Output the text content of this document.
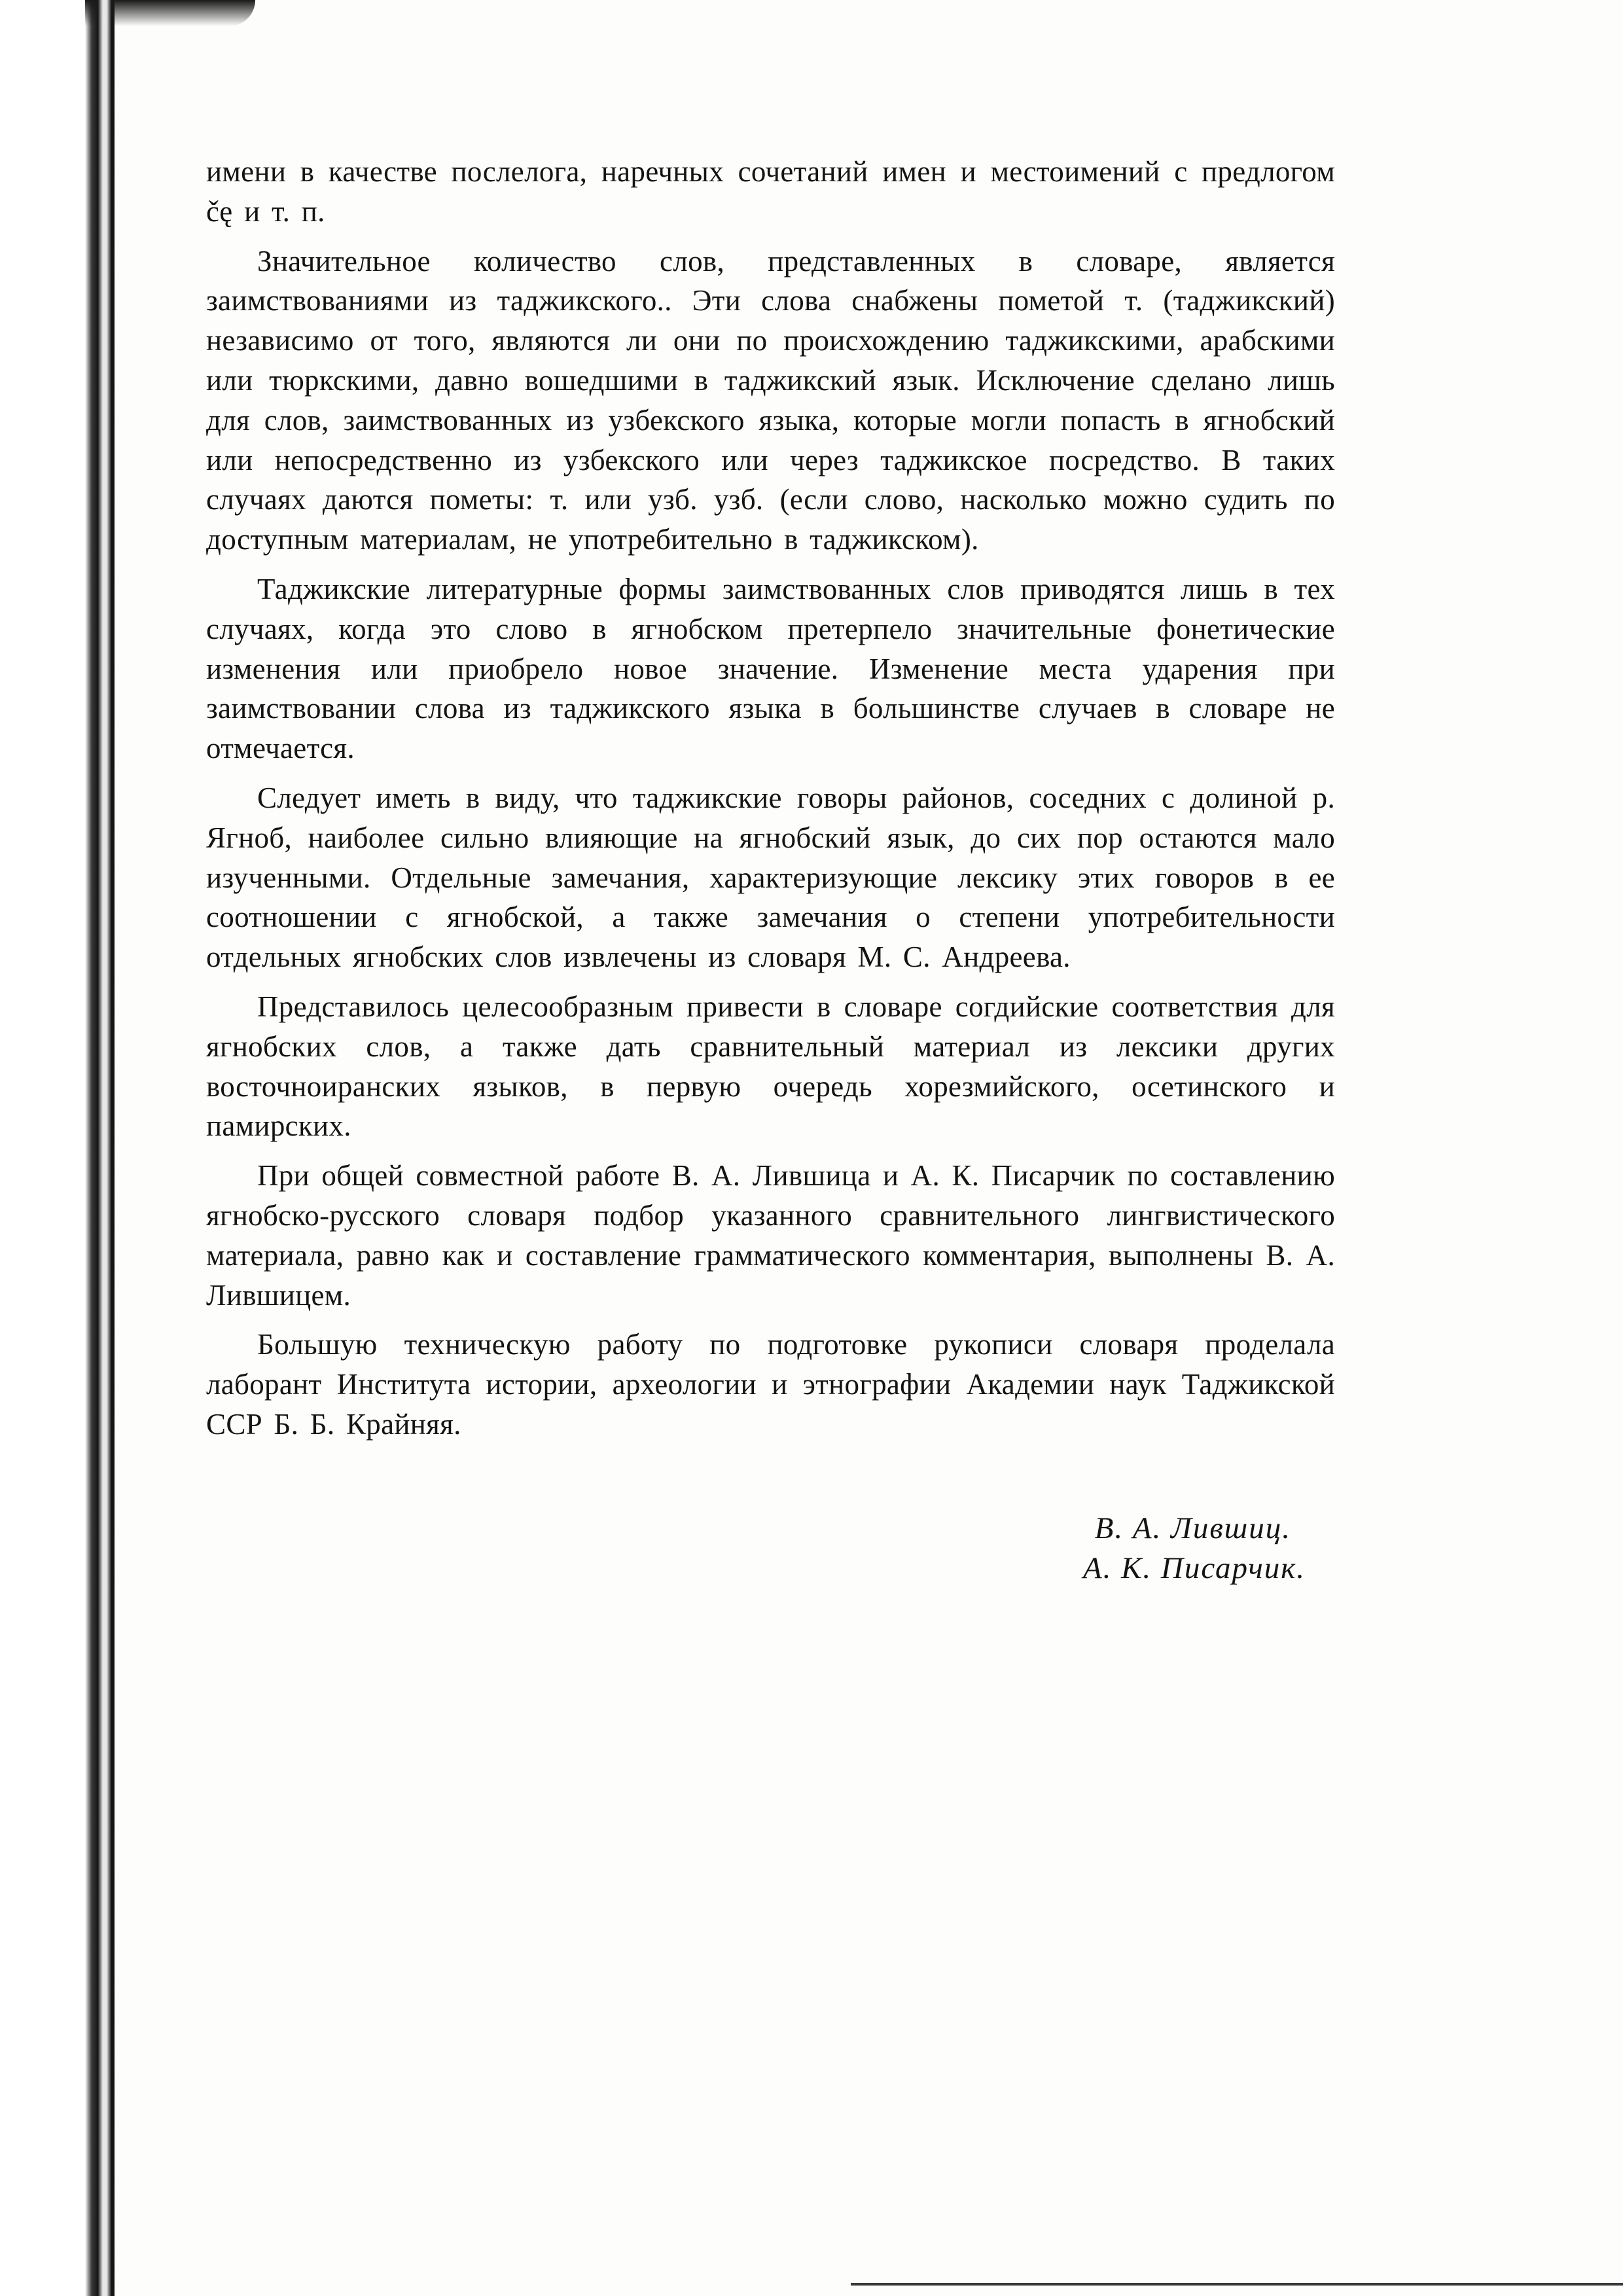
имени в качестве послелога, наречных сочетаний имен и местоимений с предлогом čę и т. п.

Значительное количество слов, представленных в словаре, является заимствованиями из таджикского.. Эти слова снабжены пометой т. (таджикский) независимо от того, являются ли они по происхождению таджикскими, арабскими или тюркскими, давно вошедшими в таджикский язык. Исключение сделано лишь для слов, заимствованных из узбекского языка, которые могли попасть в ягнобский или непосредственно из узбекского или через таджикское посредство. В таких случаях даются пометы: т. или узб. узб. (если слово, насколько можно судить по доступным материалам, не употребительно в таджикском).

Таджикские литературные формы заимствованных слов приводятся лишь в тех случаях, когда это слово в ягнобском претерпело значительные фонетические изменения или приобрело новое значение. Изменение места ударения при заимствовании слова из таджикского языка в большинстве случаев в словаре не отмечается.

Следует иметь в виду, что таджикские говоры районов, соседних с долиной р. Ягноб, наиболее сильно влияющие на ягнобский язык, до сих пор остаются мало изученными. Отдельные замечания, характеризующие лексику этих говоров в ее соотношении с ягнобской, а также замечания о степени употребительности отдельных ягнобских слов извлечены из словаря М. С. Андреева.

Представилось целесообразным привести в словаре согдийские соответствия для ягнобских слов, а также дать сравнительный материал из лексики других восточноиранских языков, в первую очередь хорезмийского, осетинского и памирских.

При общей совместной работе В. А. Лившица и А. К. Писарчик по составлению ягнобско-русского словаря подбор указанного сравнительного лингвистического материала, равно как и составление грамматического комментария, выполнены В. А. Лившицем.

Большую техническую работу по подготовке рукописи словаря проделала лаборант Института истории, археологии и этнографии Академии наук Таджикской ССР Б. Б. Крайняя.

В. А. Лившиц.
А. К. Писарчик.
